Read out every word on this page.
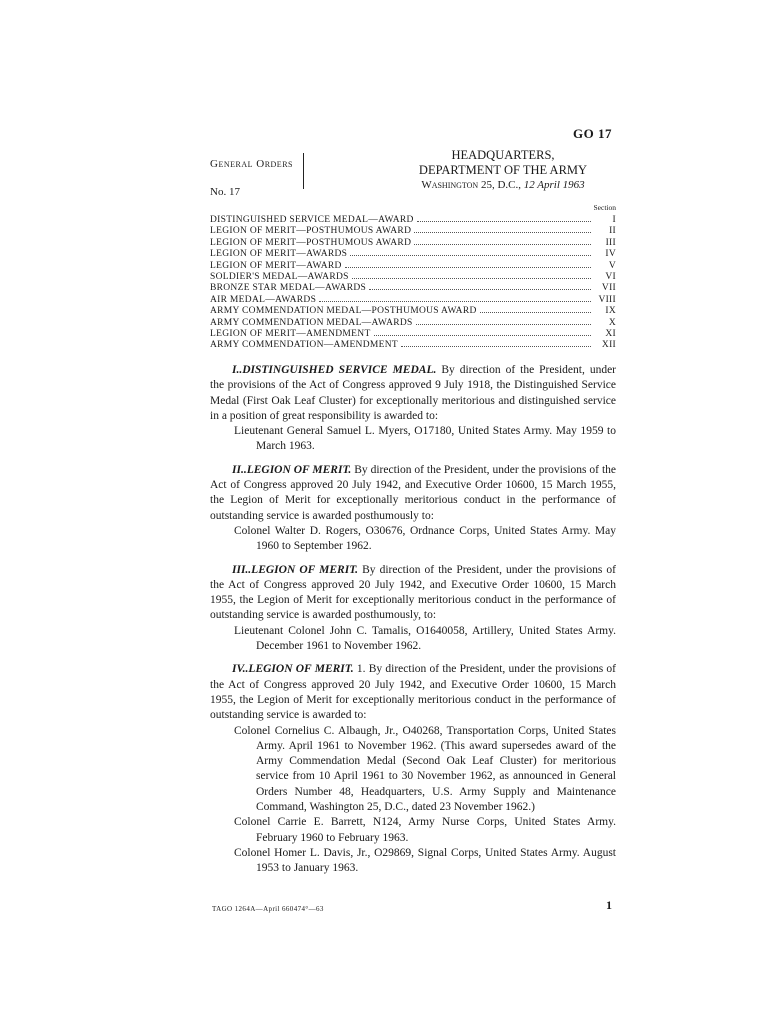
GO 17
General Orders
No. 17
HEADQUARTERS,
DEPARTMENT OF THE ARMY
Washington 25, D.C., 12 April 1963
Section
DISTINGUISHED SERVICE MEDAL—AWARD	I
LEGION OF MERIT—POSTHUMOUS AWARD	II
LEGION OF MERIT—POSTHUMOUS AWARD	III
LEGION OF MERIT—AWARDS	IV
LEGION OF MERIT—AWARD	V
SOLDIER'S MEDAL—AWARDS	VI
BRONZE STAR MEDAL—AWARDS	VII
AIR MEDAL—AWARDS	VIII
ARMY COMMENDATION MEDAL—POSTHUMOUS AWARD	IX
ARMY COMMENDATION MEDAL—AWARDS	X
LEGION OF MERIT—AMENDMENT	XI
ARMY COMMENDATION—AMENDMENT	XII

I..DISTINGUISHED SERVICE MEDAL. By direction of the President, under the provisions of the Act of Congress approved 9 July 1918, the Distinguished Service Medal (First Oak Leaf Cluster) for exceptionally meritorious and distinguished service in a position of great responsibility is awarded to:

Lieutenant General Samuel L. Myers, O17180, United States Army. May 1959 to March 1963.

II..LEGION OF MERIT. By direction of the President, under the provisions of the Act of Congress approved 20 July 1942, and Executive Order 10600, 15 March 1955, the Legion of Merit for exceptionally meritorious conduct in the performance of outstanding service is awarded posthumously to:

Colonel Walter D. Rogers, O30676, Ordnance Corps, United States Army. May 1960 to September 1962.

III..LEGION OF MERIT. By direction of the President, under the provisions of the Act of Congress approved 20 July 1942, and Executive Order 10600, 15 March 1955, the Legion of Merit for exceptionally meritorious conduct in the performance of outstanding service is awarded posthumously, to:

Lieutenant Colonel John C. Tamalis, O1640058, Artillery, United States Army. December 1961 to November 1962.

IV..LEGION OF MERIT. 1. By direction of the President, under the provisions of the Act of Congress approved 20 July 1942, and Executive Order 10600, 15 March 1955, the Legion of Merit for exceptionally meritorious conduct in the performance of outstanding service is awarded to:

Colonel Cornelius C. Albaugh, Jr., O40268, Transportation Corps, United States Army. April 1961 to November 1962. (This award supersedes award of the Army Commendation Medal (Second Oak Leaf Cluster) for meritorious service from 10 April 1961 to 30 November 1962, as announced in General Orders Number 48, Headquarters, U.S. Army Supply and Maintenance Command, Washington 25, D.C., dated 23 November 1962.)

Colonel Carrie E. Barrett, N124, Army Nurse Corps, United States Army. February 1960 to February 1963.

Colonel Homer L. Davis, Jr., O29869, Signal Corps, United States Army. August 1953 to January 1963.

TAGO 1264A—April 660474°—63	1
